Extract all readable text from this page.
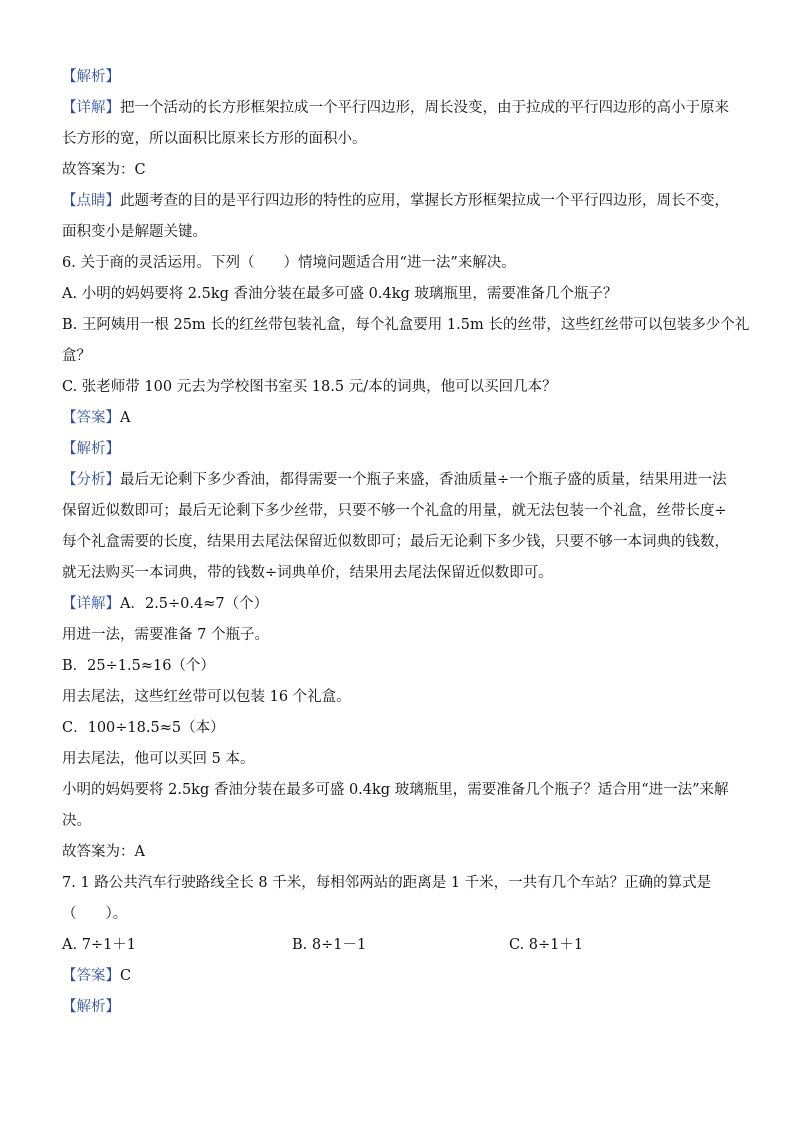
【解析】
【详解】把一个活动的长方形框架拉成一个平行四边形，周长没变，由于拉成的平行四边形的高小于原来
长方形的宽，所以面积比原来长方形的面积小。
故答案为：C
【点睛】此题考查的目的是平行四边形的特性的应用，掌握长方形框架拉成一个平行四边形，周长不变，
面积变小是解题关键。
6. 关于商的灵活运用。下列（　　）情境问题适合用“进一法”来解决。
A. 小明的妈妈要将 2.5kg 香油分装在最多可盛 0.4kg 玻璃瓶里，需要准备几个瓶子？
B. 王阿姨用一根 25m 长的红丝带包装礼盒，每个礼盒要用 1.5m 长的丝带，这些红丝带可以包装多少个礼
盒？
C. 张老师带 100 元去为学校图书室买 18.5 元/本的词典，他可以买回几本？
【答案】A
【解析】
【分析】最后无论剩下多少香油，都得需要一个瓶子来盛，香油质量÷一个瓶子盛的质量，结果用进一法
保留近似数即可；最后无论剩下多少丝带，只要不够一个礼盒的用量，就无法包装一个礼盒，丝带长度÷
每个礼盒需要的长度，结果用去尾法保留近似数即可；最后无论剩下多少钱，只要不够一本词典的钱数，
就无法购买一本词典，带的钱数÷词典单价，结果用去尾法保留近似数即可。
【详解】A．2.5÷0.4≈7（个）
用进一法，需要准备 7 个瓶子。
B．25÷1.5≈16（个）
用去尾法，这些红丝带可以包装 16 个礼盒。
C．100÷18.5≈5（本）
用去尾法，他可以买回 5 本。
小明的妈妈要将 2.5kg 香油分装在最多可盛 0.4kg 玻璃瓶里，需要准备几个瓶子？适合用“进一法”来解
决。
故答案为：A
7. 1 路公共汽车行驶路线全长 8 千米，每相邻两站的距离是 1 千米，一共有几个车站？正确的算式是
（　　）。
A. 7÷1＋1	B. 8÷1－1	C. 8÷1＋1
【答案】C
【解析】
